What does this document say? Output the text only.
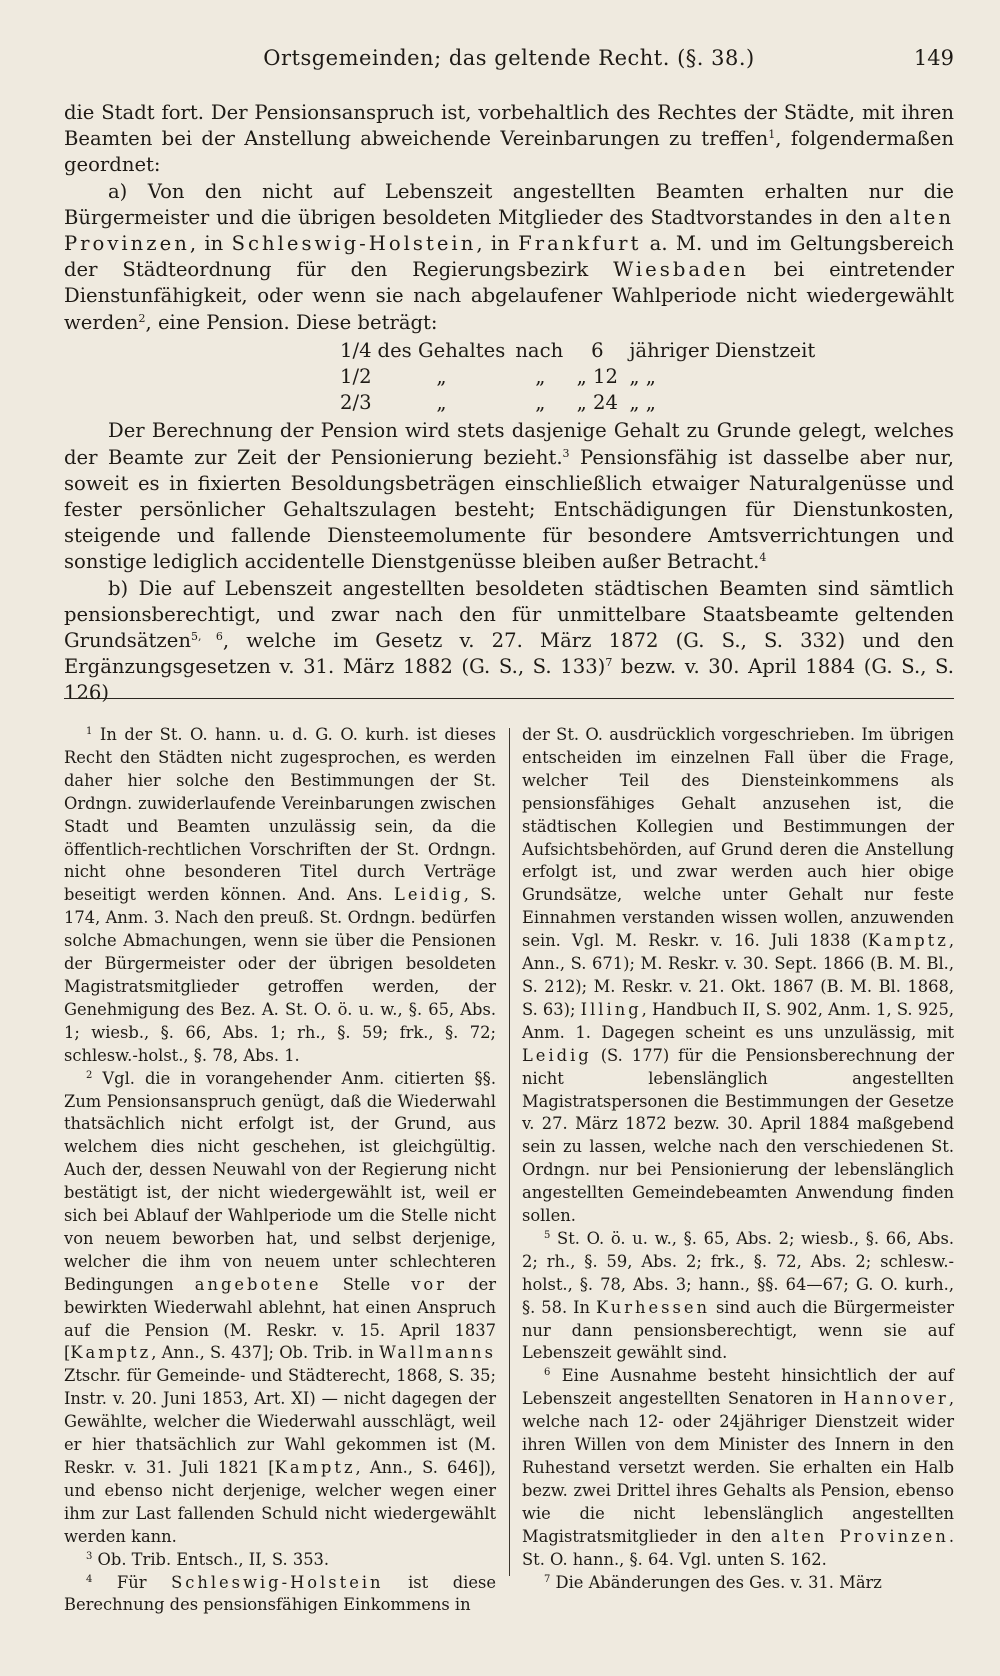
Ortsgemeinden; das geltende Recht. (§. 38.)	149

die Stadt fort. Der Pensionsanspruch ist, vorbehaltlich des Rechtes der Städte, mit ihren Beamten bei der Anstellung abweichende Vereinbarungen zu treffen$^1$, folgendermaßen geordnet:

a) Von den nicht auf Lebenszeit angestellten Beamten erhalten nur die Bürgermeister und die übrigen besoldeten Mitglieder des Stadtvorstandes in den alten Provinzen, in Schleswig-Holstein, in Frankfurt a. M. und im Geltungsbereich der Städteordnung für den Regierungsbezirk Wiesbaden bei eintretender Dienstunfähigkeit, oder wenn sie nach abgelaufener Wahlperiode nicht wiedergewählt werden$^2$, eine Pension. Diese beträgt:

1/4	des Gehaltes	nach	6	jähriger Dienstzeit
1/2	„	„	„ 12	„ „
2/3	„	„	„ 24	„ „

Der Berechnung der Pension wird stets dasjenige Gehalt zu Grunde gelegt, welches der Beamte zur Zeit der Pensionierung bezieht.$^3$ Pensionsfähig ist dasselbe aber nur, soweit es in fixierten Besoldungsbeträgen einschließlich etwaiger Naturalgenüsse und fester persönlicher Gehaltszulagen besteht; Entschädigungen für Dienstunkosten, steigende und fallende Diensteemolumente für besondere Amtsverrichtungen und sonstige lediglich accidentelle Dienstgenüsse bleiben außer Betracht.$^4$

b) Die auf Lebenszeit angestellten besoldeten städtischen Beamten sind sämtlich pensionsberechtigt, und zwar nach den für unmittelbare Staatsbeamte geltenden Grundsätzen$^{5, 6}$, welche im Gesetz v. 27. März 1872 (G. S., S. 332) und den Ergänzungsgesetzen v. 31. März 1882 (G. S., S. 133)$^7$ bezw. v. 30. April 1884 (G. S., S. 126)

$^1$ In der St. O. hann. u. d. G. O. kurh. ist dieses Recht den Städten nicht zugesprochen, es werden daher hier solche den Bestimmungen der St. Ordngn. zuwiderlaufende Vereinbarungen zwischen Stadt und Beamten unzulässig sein, da die öffentlich-rechtlichen Vorschriften der St. Ordngn. nicht ohne besonderen Titel durch Verträge beseitigt werden können. And. Ans. Leidig, S. 174, Anm. 3. Nach den preuß. St. Ordngn. bedürfen solche Abmachungen, wenn sie über die Pensionen der Bürgermeister oder der übrigen besoldeten Magistratsmitglieder getroffen werden, der Genehmigung des Bez. A. St. O. ö. u. w., §. 65, Abs. 1; wiesb., §. 66, Abs. 1; rh., §. 59; frk., §. 72; schlesw.-holst., §. 78, Abs. 1.

$^2$ Vgl. die in vorangehender Anm. citierten §§. Zum Pensionsanspruch genügt, daß die Wiederwahl thatsächlich nicht erfolgt ist, der Grund, aus welchem dies nicht geschehen, ist gleichgültig. Auch der, dessen Neuwahl von der Regierung nicht bestätigt ist, der nicht wiedergewählt ist, weil er sich bei Ablauf der Wahlperiode um die Stelle nicht von neuem beworben hat, und selbst derjenige, welcher die ihm von neuem unter schlechteren Bedingungen angebotene Stelle vor der bewirkten Wiederwahl ablehnt, hat einen Anspruch auf die Pension (M. Reskr. v. 15. April 1837 [Kamptz, Ann., S. 437]; Ob. Trib. in Wallmanns Ztschr. für Gemeinde- und Städterecht, 1868, S. 35; Instr. v. 20. Juni 1853, Art. XI) — nicht dagegen der Gewählte, welcher die Wiederwahl ausschlägt, weil er hier thatsächlich zur Wahl gekommen ist (M. Reskr. v. 31. Juli 1821 [Kamptz, Ann., S. 646]), und ebenso nicht derjenige, welcher wegen einer ihm zur Last fallenden Schuld nicht wiedergewählt werden kann.

$^3$ Ob. Trib. Entsch., II, S. 353.

$^4$ Für Schleswig-Holstein ist diese Berechnung des pensionsfähigen Einkommens in

der St. O. ausdrücklich vorgeschrieben. Im übrigen entscheiden im einzelnen Fall über die Frage, welcher Teil des Diensteinkommens als pensionsfähiges Gehalt anzusehen ist, die städtischen Kollegien und Bestimmungen der Aufsichtsbehörden, auf Grund deren die Anstellung erfolgt ist, und zwar werden auch hier obige Grundsätze, welche unter Gehalt nur feste Einnahmen verstanden wissen wollen, anzuwenden sein. Vgl. M. Reskr. v. 16. Juli 1838 (Kamptz, Ann., S. 671); M. Reskr. v. 30. Sept. 1866 (B. M. Bl., S. 212); M. Reskr. v. 21. Okt. 1867 (B. M. Bl. 1868, S. 63); Illing, Handbuch II, S. 902, Anm. 1, S. 925, Anm. 1. Dagegen scheint es uns unzulässig, mit Leidig (S. 177) für die Pensionsberechnung der nicht lebenslänglich angestellten Magistratspersonen die Bestimmungen der Gesetze v. 27. März 1872 bezw. 30. April 1884 maßgebend sein zu lassen, welche nach den verschiedenen St. Ordngn. nur bei Pensionierung der lebenslänglich angestellten Gemeindebeamten Anwendung finden sollen.

$^5$ St. O. ö. u. w., §. 65, Abs. 2; wiesb., §. 66, Abs. 2; rh., §. 59, Abs. 2; frk., §. 72, Abs. 2; schlesw.-holst., §. 78, Abs. 3; hann., §§. 64—67; G. O. kurh., §. 58. In Kurhessen sind auch die Bürgermeister nur dann pensionsberechtigt, wenn sie auf Lebenszeit gewählt sind.

$^6$ Eine Ausnahme besteht hinsichtlich der auf Lebenszeit angestellten Senatoren in Hannover, welche nach 12- oder 24jähriger Dienstzeit wider ihren Willen von dem Minister des Innern in den Ruhestand versetzt werden. Sie erhalten ein Halb bezw. zwei Drittel ihres Gehalts als Pension, ebenso wie die nicht lebenslänglich angestellten Magistratsmitglieder in den alten Provinzen. St. O. hann., §. 64. Vgl. unten S. 162.

$^7$ Die Abänderungen des Ges. v. 31. März
